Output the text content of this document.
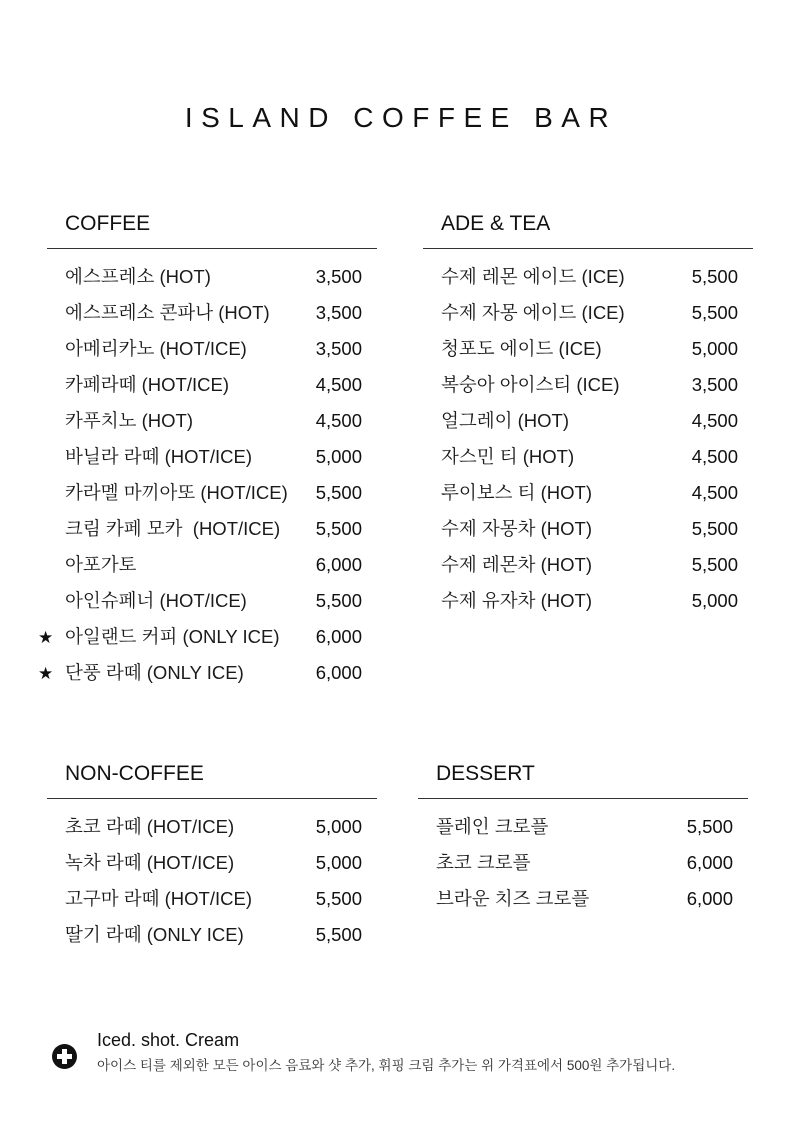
ISLAND COFFEE BAR
COFFEE
에스프레소 (HOT)	3,500
에스프레소 콘파나 (HOT)	3,500
아메리카노 (HOT/ICE)	3,500
카페라떼 (HOT/ICE)	4,500
카푸치노 (HOT)	4,500
바닐라 라떼 (HOT/ICE)	5,000
카라멜 마끼아또 (HOT/ICE)	5,500
크림 카페 모카  (HOT/ICE)	5,500
아포가토	6,000
아인슈페너 (HOT/ICE)	5,500
★ 아일랜드 커피 (ONLY ICE)	6,000
★ 단풍 라떼 (ONLY ICE)	6,000
ADE & TEA
수제 레몬 에이드 (ICE)	5,500
수제 자몽 에이드 (ICE)	5,500
청포도 에이드 (ICE)	5,000
복숭아 아이스티 (ICE)	3,500
얼그레이 (HOT)	4,500
자스민 티 (HOT)	4,500
루이보스 티 (HOT)	4,500
수제 자몽차 (HOT)	5,500
수제 레몬차 (HOT)	5,500
수제 유자차 (HOT)	5,000
NON-COFFEE
초코 라떼 (HOT/ICE)	5,000
녹차 라떼 (HOT/ICE)	5,000
고구마 라떼 (HOT/ICE)	5,500
딸기 라떼 (ONLY ICE)	5,500
DESSERT
플레인 크로플	5,500
초코 크로플	6,000
브라운 치즈 크로플	6,000
Iced. shot. Cream
아이스 티를 제외한 모든 아이스 음료와 샷 추가, 휘핑 크림 추가는 위 가격표에서 500원 추가됩니다.
